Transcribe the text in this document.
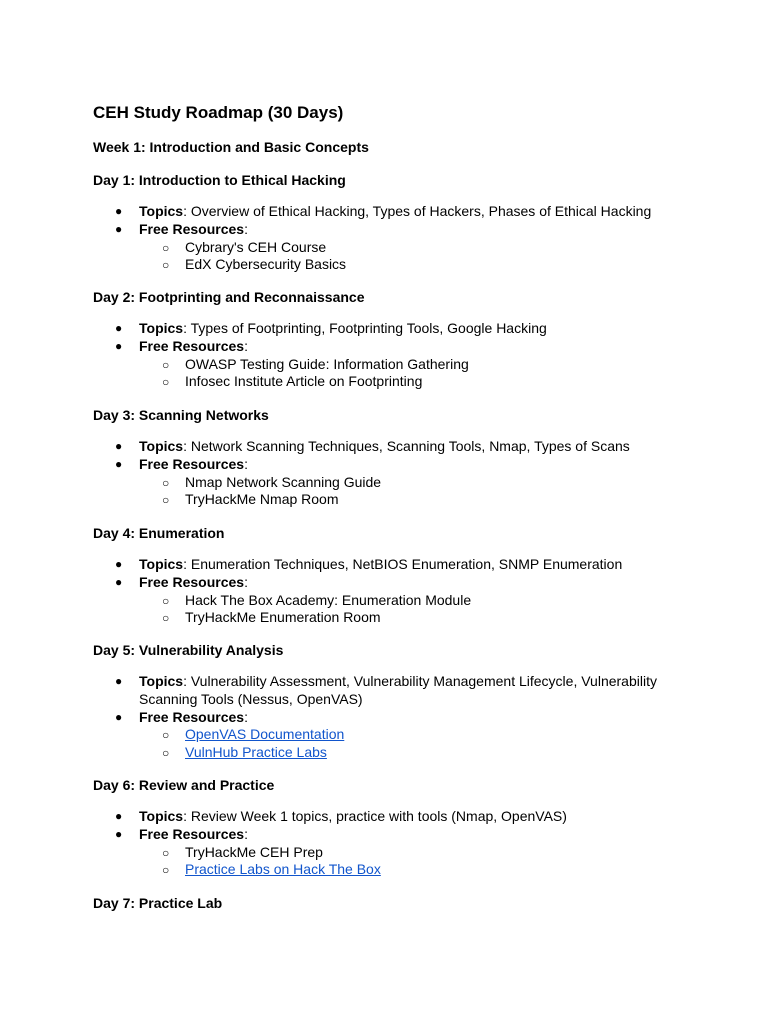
CEH Study Roadmap (30 Days)
Week 1: Introduction and Basic Concepts
Day 1: Introduction to Ethical Hacking
● Topics: Overview of Ethical Hacking, Types of Hackers, Phases of Ethical Hacking
● Free Resources:
○ Cybrary's CEH Course
○ EdX Cybersecurity Basics
Day 2: Footprinting and Reconnaissance
● Topics: Types of Footprinting, Footprinting Tools, Google Hacking
● Free Resources:
○ OWASP Testing Guide: Information Gathering
○ Infosec Institute Article on Footprinting
Day 3: Scanning Networks
● Topics: Network Scanning Techniques, Scanning Tools, Nmap, Types of Scans
● Free Resources:
○ Nmap Network Scanning Guide
○ TryHackMe Nmap Room
Day 4: Enumeration
● Topics: Enumeration Techniques, NetBIOS Enumeration, SNMP Enumeration
● Free Resources:
○ Hack The Box Academy: Enumeration Module
○ TryHackMe Enumeration Room
Day 5: Vulnerability Analysis
● Topics: Vulnerability Assessment, Vulnerability Management Lifecycle, Vulnerability Scanning Tools (Nessus, OpenVAS)
● Free Resources:
○ OpenVAS Documentation
○ VulnHub Practice Labs
Day 6: Review and Practice
● Topics: Review Week 1 topics, practice with tools (Nmap, OpenVAS)
● Free Resources:
○ TryHackMe CEH Prep
○ Practice Labs on Hack The Box
Day 7: Practice Lab
